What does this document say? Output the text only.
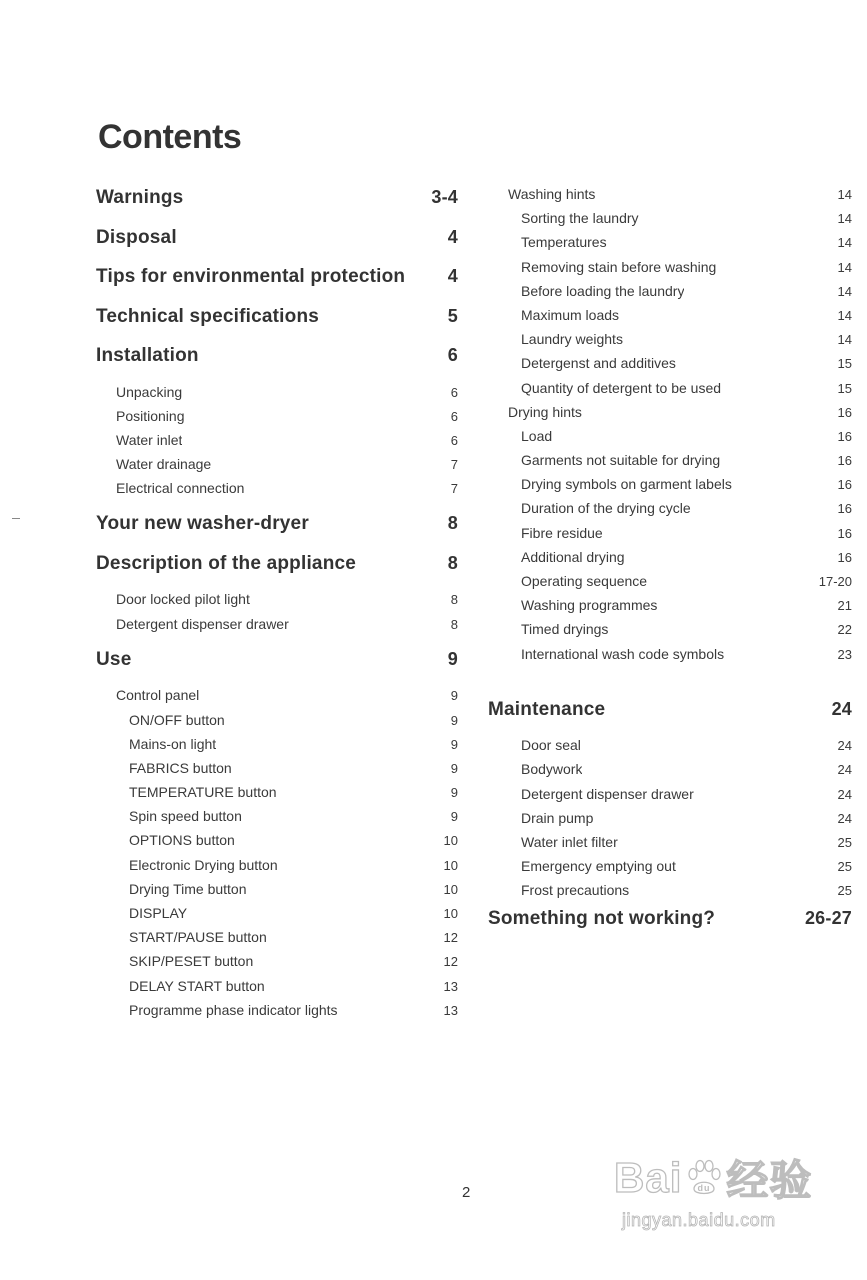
Contents
Warnings	3-4
Disposal	4
Tips for environmental protection 4
Technical specifications	5
Installation	6
Unpacking	6
Positioning	6
Water inlet	6
Water drainage	7
Electrical connection	7
Your new washer-dryer	8
Description of the appliance	8
Door locked pilot light	8
Detergent dispenser drawer	8
Use	9
Control panel	9
ON/OFF button	9
Mains-on light	9
FABRICS button	9
TEMPERATURE button	9
Spin speed button	9
OPTIONS button	10
Electronic Drying button	10
Drying Time button	10
DISPLAY	10
START/PAUSE button	12
SKIP/PESET button	12
DELAY START button	13
Programme phase indicator lights	13
Washing hints	14
Sorting the laundry	14
Temperatures	14
Removing stain before washing	14
Before loading the laundry	14
Maximum loads	14
Laundry weights	14
Detergenst and additives	15
Quantity of detergent to be used	15
Drying hints	16
Load	16
Garments not suitable for drying	16
Drying symbols on garment labels	16
Duration of the drying cycle	16
Fibre residue	16
Additional drying	16
Operating sequence	17-20
Washing programmes	21
Timed dryings	22
International wash code symbols	23
Maintenance	24
Door seal	24
Bodywork	24
Detergent dispenser drawer	24
Drain pump	24
Water inlet filter	25
Emergency emptying out	25
Frost precautions	25
Something not working?	26-27
2	Bai du 经验
jingyan.baidu.com
